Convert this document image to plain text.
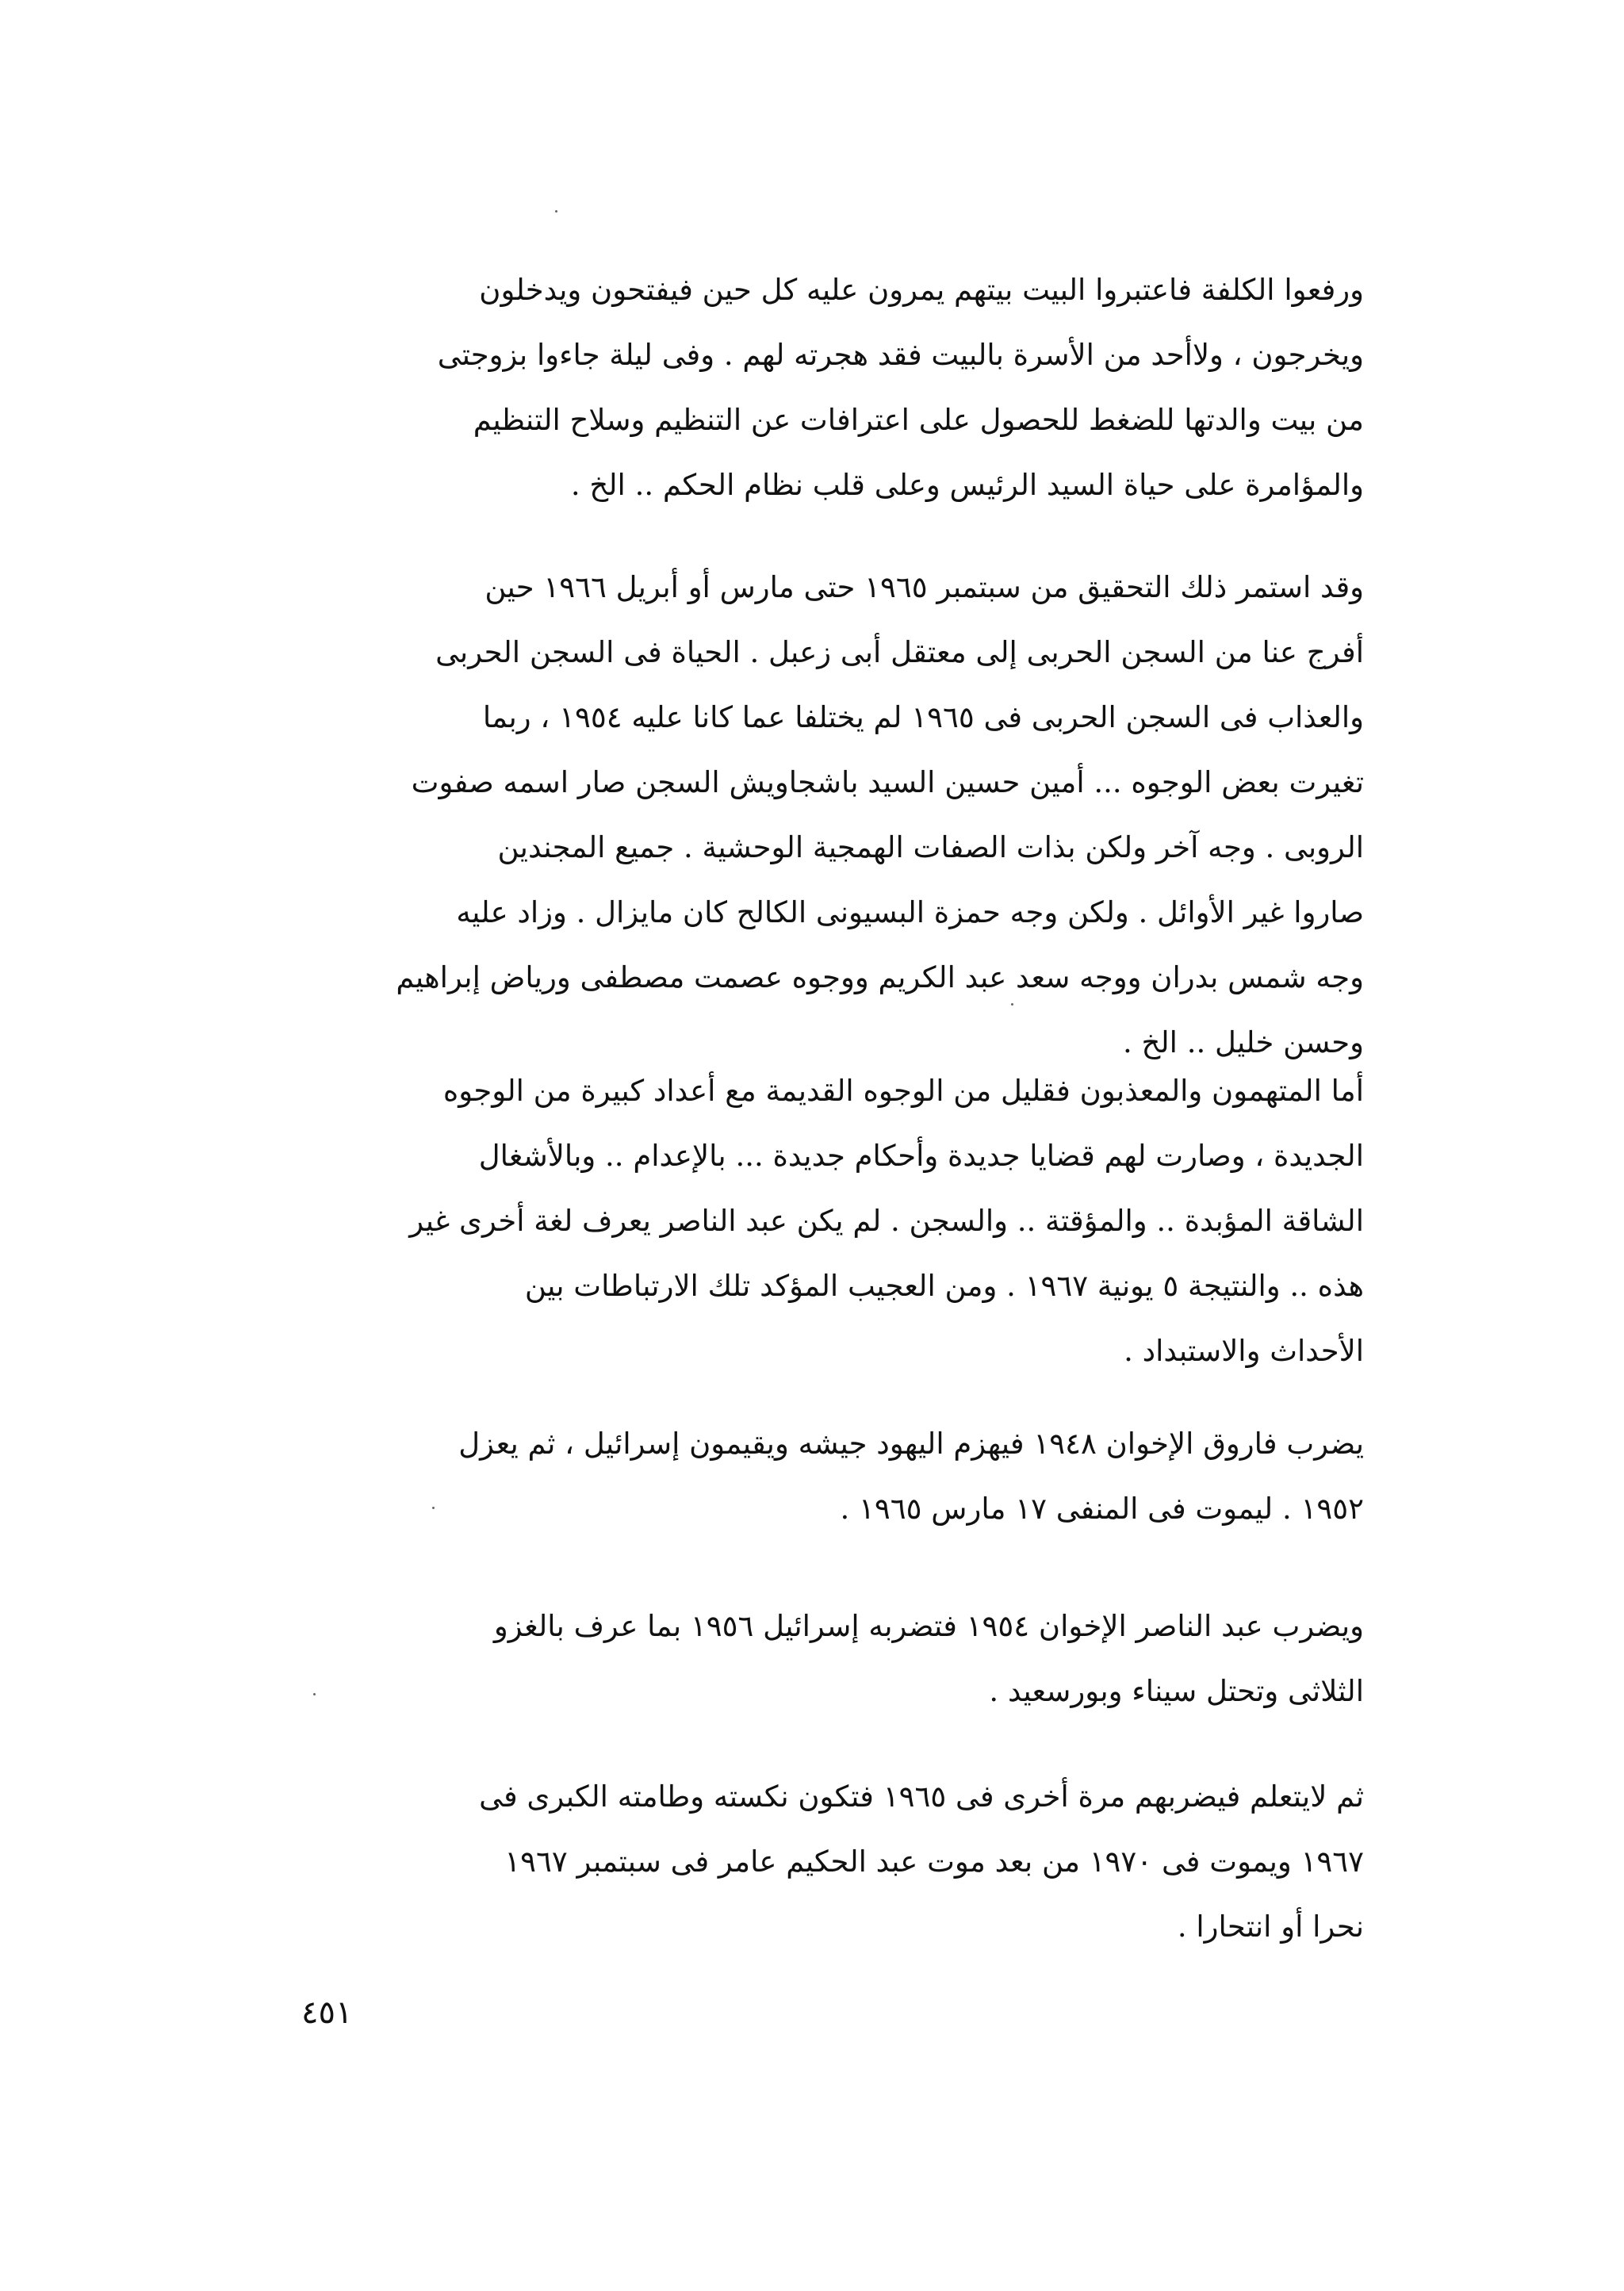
ورفعوا الكلفة فاعتبروا البيت بيتهم يمرون عليه كل حين فيفتحون ويدخلون
ويخرجون ، ولاأحد من الأسرة بالبيت فقد هجرته لهم . وفى ليلة جاءوا بزوجتى
من بيت والدتها للضغط للحصول على اعترافات عن التنظيم وسلاح التنظيم
والمؤامرة على حياة السيد الرئيس وعلى قلب نظام الحكم .. الخ .
وقد استمر ذلك التحقيق من سبتمبر ١٩٦٥ حتى مارس أو أبريل ١٩٦٦ حين
أفرج عنا من السجن الحربى إلى معتقل أبى زعبل . الحياة فى السجن الحربى
والعذاب فى السجن الحربى فى ١٩٦٥ لم يختلفا عما كانا عليه ١٩٥٤ ، ربما
تغيرت بعض الوجوه ... أمين حسين السيد باشجاويش السجن صار اسمه صفوت
الروبى . وجه آخر ولكن بذات الصفات الهمجية الوحشية . جميع المجندين
صاروا غير الأوائل . ولكن وجه حمزة البسيونى الكالح كان مايزال . وزاد عليه
وجه شمس بدران ووجه سعد عبد الكريم ووجوه عصمت مصطفى ورياض إبراهيم
وحسن خليل .. الخ .
أما المتهمون والمعذبون فقليل من الوجوه القديمة مع أعداد كبيرة من الوجوه
الجديدة ، وصارت لهم قضايا جديدة وأحكام جديدة ... بالإعدام .. وبالأشغال
الشاقة المؤبدة .. والمؤقتة .. والسجن . لم يكن عبد الناصر يعرف لغة أخرى غير
هذه .. والنتيجة ٥ يونية ١٩٦٧ . ومن العجيب المؤكد تلك الارتباطات بين
الأحداث والاستبداد .
يضرب فاروق الإخوان ١٩٤٨ فيهزم اليهود جيشه ويقيمون إسرائيل ، ثم يعزل
١٩٥٢ . ليموت فى المنفى ١٧ مارس ١٩٦٥ .
ويضرب عبد الناصر الإخوان ١٩٥٤ فتضربه إسرائيل ١٩٥٦ بما عرف بالغزو
الثلاثى وتحتل سيناء وبورسعيد .
ثم لايتعلم فيضربهم مرة أخرى فى ١٩٦٥ فتكون نكسته وطامته الكبرى فى
١٩٦٧ ويموت فى ١٩٧٠ من بعد موت عبد الحكيم عامر فى سبتمبر ١٩٦٧
نحرا أو انتحارا .
٤٥١
